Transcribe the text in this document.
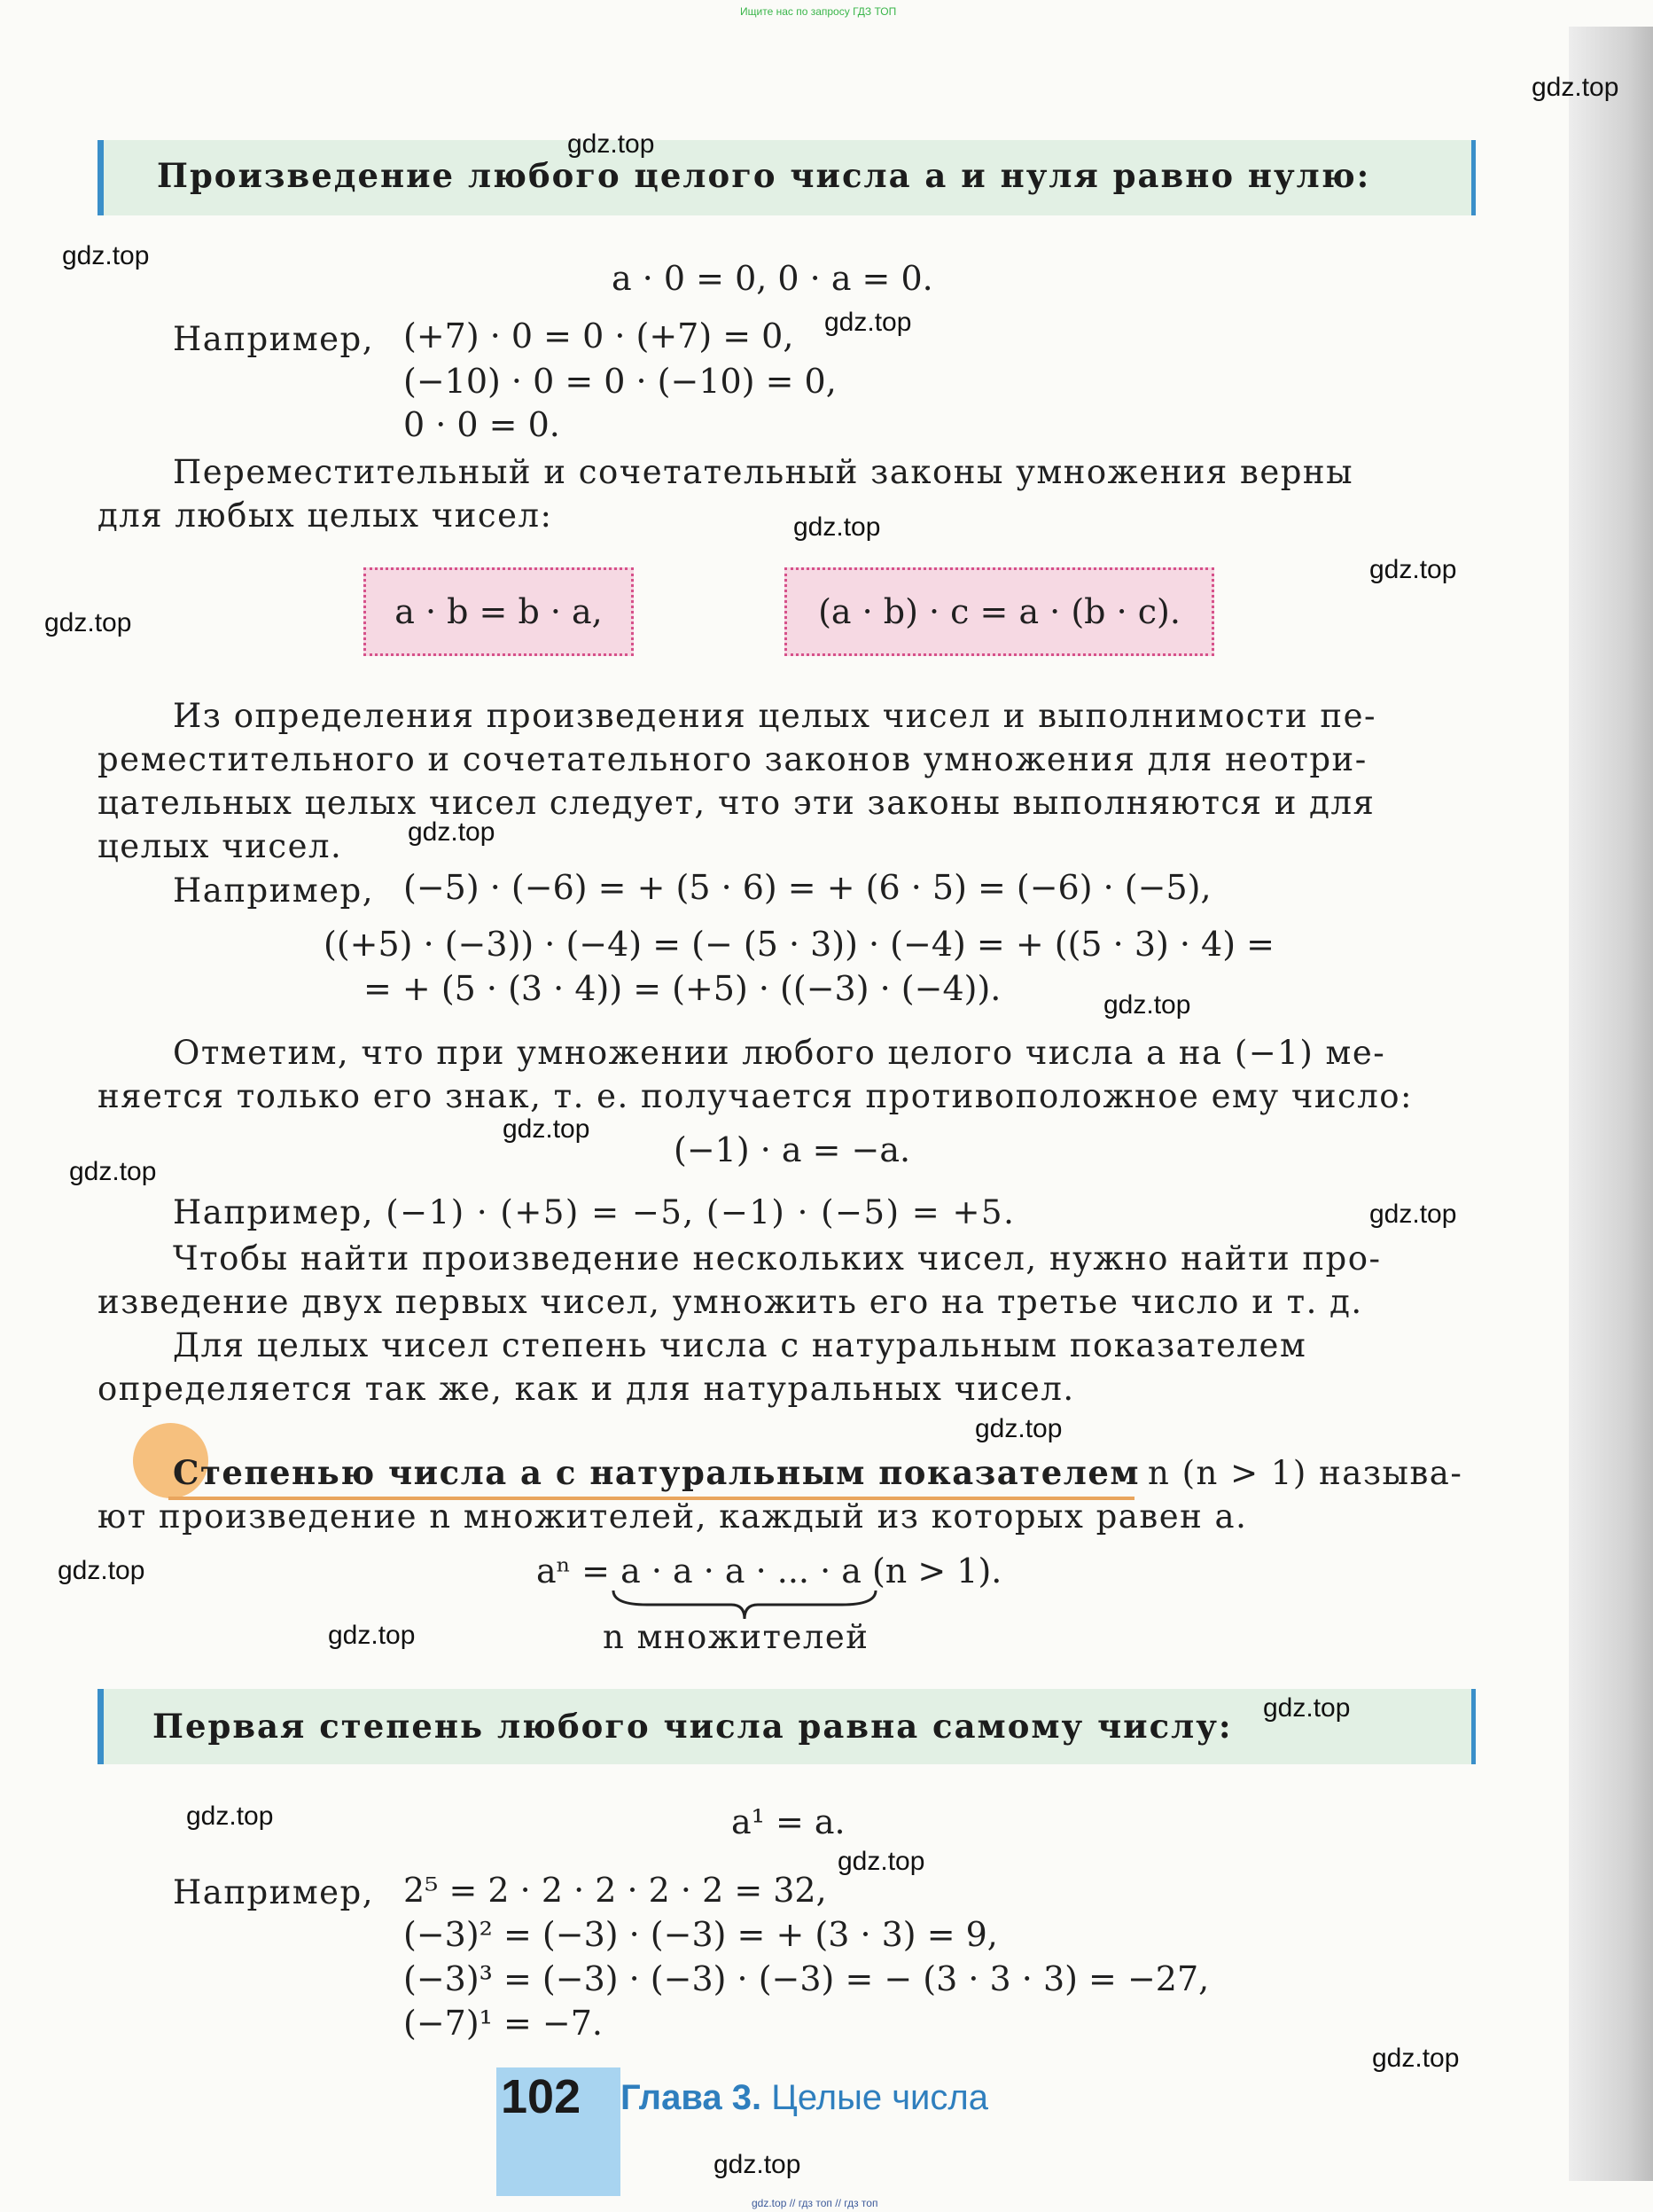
Ищите нас по запросу ГДЗ ТОП
Произведение любого целого числа a и нуля равно нулю:
a · 0 = 0, 0 · a = 0.
Например, (+7) · 0 = 0 · (+7) = 0,
(−10) · 0 = 0 · (−10) = 0,
0 · 0 = 0.
Переместительный и сочетательный законы умножения верны
для любых целых чисел:
a · b = b · a,	(a · b) · c = a · (b · c).
Из определения произведения целых чисел и выполнимости пе-
реместительного и сочетательного законов умножения для неотри-
цательных целых чисел следует, что эти законы выполняются и для
целых чисел.
Например, (−5) · (−6) = + (5 · 6) = + (6 · 5) = (−6) · (−5),
((+5) · (−3)) · (−4) = (− (5 · 3)) · (−4) = + ((5 · 3) · 4) =
= + (5 · (3 · 4)) = (+5) · ((−3) · (−4)).
Отметим, что при умножении любого целого числа a на (−1) ме-
няется только его знак, т. е. получается противоположное ему число:
(−1) · a = −a.
Например, (−1) · (+5) = −5, (−1) · (−5) = +5.
Чтобы найти произведение нескольких чисел, нужно найти про-
изведение двух первых чисел, умножить его на третье число и т. д.
Для целых чисел степень числа с натуральным показателем
определяется так же, как и для натуральных чисел.
Степенью числа a с натуральным показателем n (n > 1) называ-
ют произведение n множителей, каждый из которых равен a.
aⁿ = a · a · a · ... · a (n > 1).
n множителей
Первая степень любого числа равна самому числу:
a¹ = a.
Например, 2⁵ = 2 · 2 · 2 · 2 · 2 = 32,
(−3)² = (−3) · (−3) = + (3 · 3) = 9,
(−3)³ = (−3) · (−3) · (−3) = − (3 · 3 · 3) = −27,
(−7)¹ = −7.
102 Глава 3. Целые числа
gdz.top
gdz.top
gdz.top
gdz.top
gdz.top
gdz.top
gdz.top
gdz.top
gdz.top
gdz.top
gdz.top
gdz.top
gdz.top
gdz.top
gdz.top
gdz.top
gdz.top
gdz.top
gdz.top
gdz.top
gdz.top // гдз топ // гдз топ
